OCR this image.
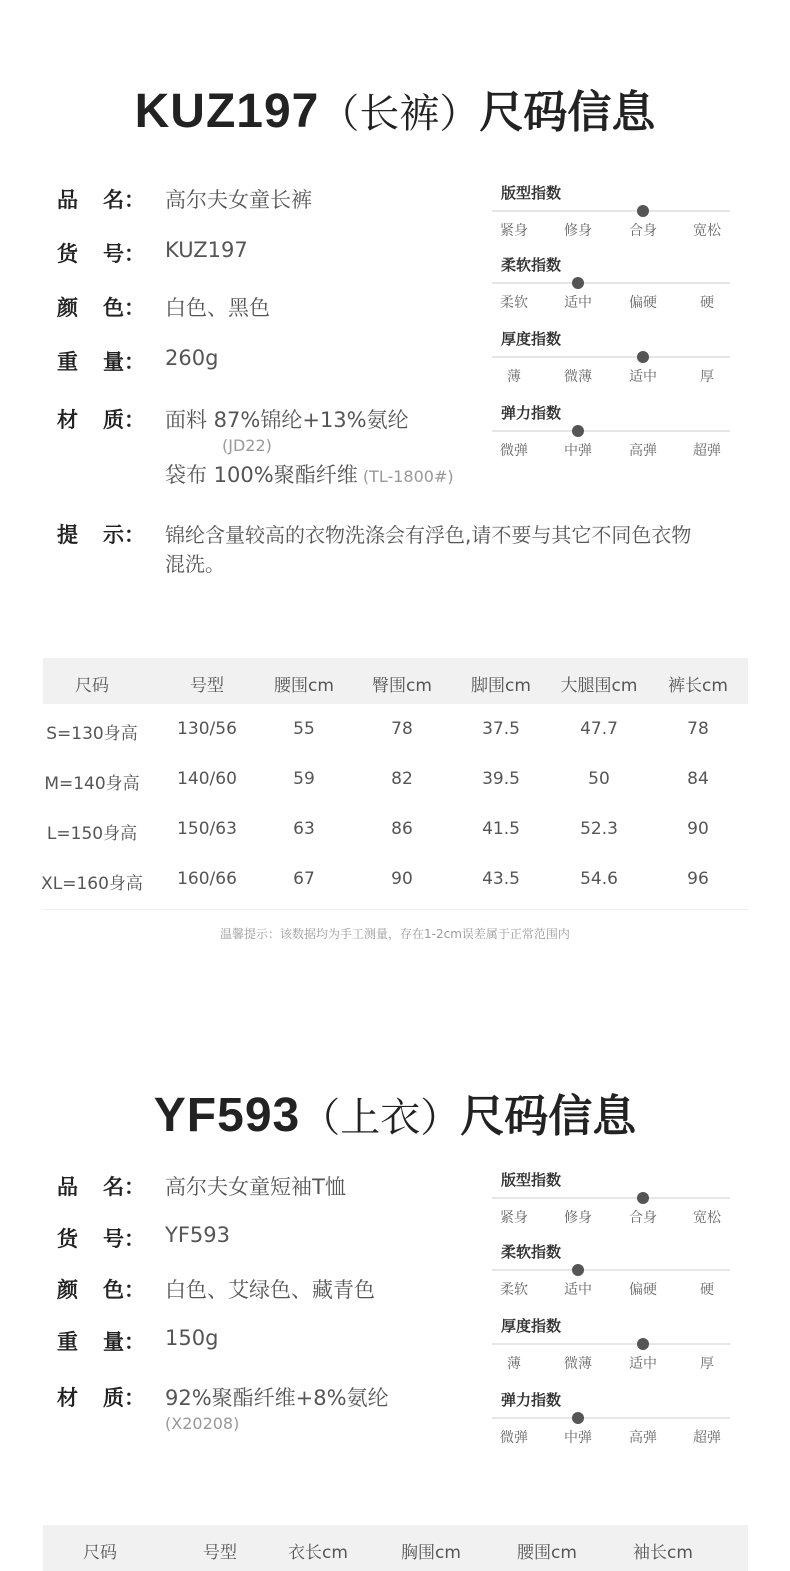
KUZ197（长裤）尺码信息
品 名： 高尔夫女童长裤
货 号： KUZ197
颜 色： 白色、黑色
重 量： 260g
材 质： 面料 87%锦纶+13%氨纶
(JD22)
袋布 100%聚酯纤维 (TL-1800#)
提 示：	锦纶含量较高的衣物洗涤会有浮色,请不要与其它不同色衣物
混洗。
版型指数
紧身	修身	合身	宽松
柔软指数
柔软	适中	偏硬	硬
厚度指数
薄	微薄	适中	厚
弹力指数
微弹	中弹	高弹	超弹
尺码	号型	腰围cm 臀围cm 脚围cm 大腿围cm 裤长cm
S=130身高 130/56	55	78	37.5	47.7	78
M=140身高 140/60	59	82	39.5	50	84
L=150身高 150/63	63	86	41.5	52.3	90
XL=160身高 160/66	67	90	43.5	54.6	96
温馨提示：该数据均为手工测量，存在1-2cm误差属于正常范围内
YF593（上衣）尺码信息
品 名： 高尔夫女童短袖T恤
货 号： YF593
颜 色： 白色、艾绿色、藏青色
重 量： 150g
材 质： 92%聚酯纤维+8%氨纶
(X20208)
版型指数
紧身	修身	合身	宽松
柔软指数
柔软	适中	偏硬	硬
厚度指数
薄	微薄	适中	厚
弹力指数
微弹	中弹	高弹	超弹
尺码	号型	衣长cm	胸围cm	腰围cm	袖长cm
